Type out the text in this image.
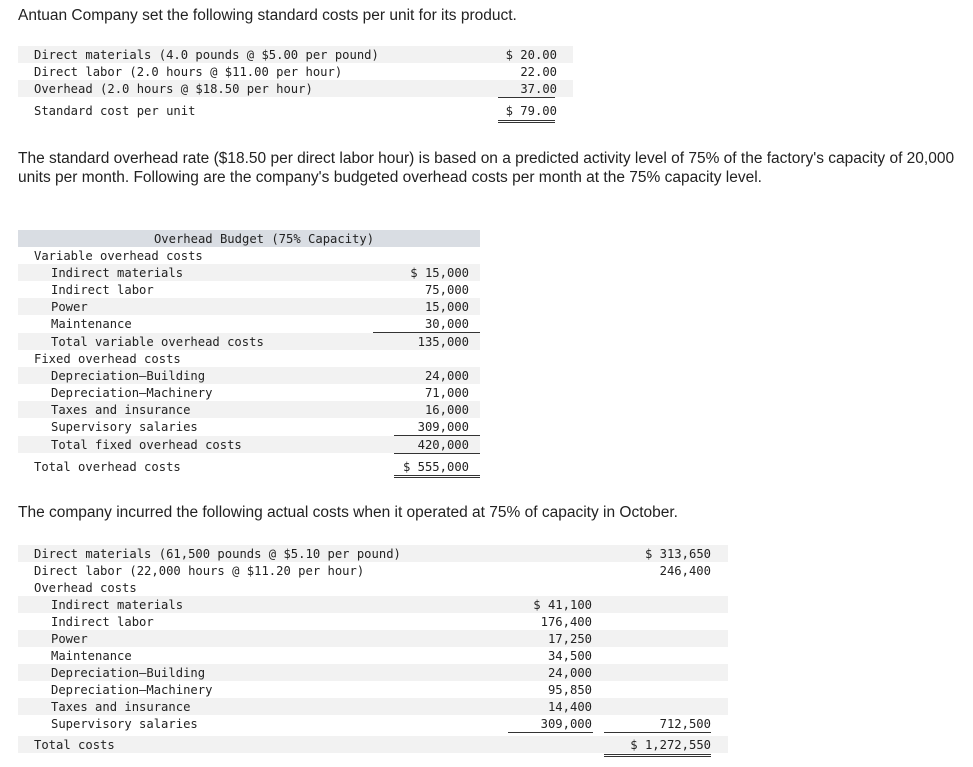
Antuan Company set the following standard costs per unit for its product.
Direct materials (4.0 pounds @ $5.00 per pound)	$ 20.00
Direct labor (2.0 hours @ $11.00 per hour)	22.00
Overhead (2.0 hours @ $18.50 per hour)	37.00
Standard cost per unit	$ 79.00
The standard overhead rate ($18.50 per direct labor hour) is based on a predicted activity level of 75% of the factory's capacity of 20,000 units per month. Following are the company's budgeted overhead costs per month at the 75% capacity level.
Overhead Budget (75% Capacity)
Variable overhead costs
Indirect materials	$ 15,000
Indirect labor	75,000
Power	15,000
Maintenance	30,000
Total variable overhead costs	135,000
Fixed overhead costs
Depreciation—Building	24,000
Depreciation—Machinery	71,000
Taxes and insurance	16,000
Supervisory salaries	309,000
Total fixed overhead costs	420,000
Total overhead costs	$ 555,000
The company incurred the following actual costs when it operated at 75% of capacity in October.
Direct materials (61,500 pounds @ $5.10 per pound)	$ 313,650
Direct labor (22,000 hours @ $11.20 per hour)	246,400
Overhead costs
Indirect materials	$ 41,100
Indirect labor	176,400
Power	17,250
Maintenance	34,500
Depreciation—Building	24,000
Depreciation—Machinery	95,850
Taxes and insurance	14,400
Supervisory salaries	309,000	712,500
Total costs	$ 1,272,550
